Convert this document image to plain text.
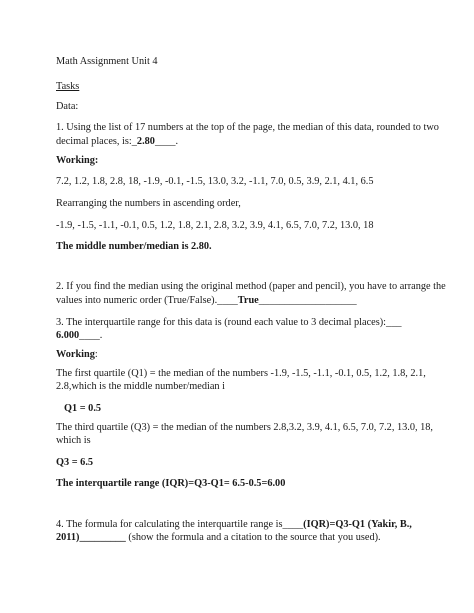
Math Assignment Unit 4

Tasks

Data:

1. Using the list of 17 numbers at the top of the page, the median of this data, rounded to two

decimal places, is:_2.80____.

Working:

7.2, 1.2, 1.8, 2.8, 18, -1.9, -0.1, -1.5, 13.0, 3.2, -1.1, 7.0, 0.5, 3.9, 2.1, 4.1, 6.5

Rearranging the numbers in ascending order,

-1.9, -1.5, -1.1, -0.1, 0.5, 1.2, 1.8, 2.1, 2.8, 3.2, 3.9, 4.1, 6.5, 7.0, 7.2, 13.0, 18

The middle number/median is 2.80.

2. If you find the median using the original method (paper and pencil), you have to arrange the

values into numeric order (True/False).____True___________________

3. The interquartile range for this data is (round each value to 3 decimal places):___

6.000____.

Working:

The first quartile (Q1) = the median of the numbers -1.9, -1.5, -1.1, -0.1, 0.5, 1.2, 1.8, 2.1,

2.8,which is the middle number/median i

Q1 = 0.5

The third quartile (Q3) = the median of the numbers 2.8,3.2, 3.9, 4.1, 6.5, 7.0, 7.2, 13.0, 18,

which is

Q3 = 6.5

The interquartile range (IQR)=Q3-Q1= 6.5-0.5=6.00

4. The formula for calculating the interquartile range is____(IQR)=Q3-Q1 (Yakir, B.,

2011)_________ (show the formula and a citation to the source that you used).
